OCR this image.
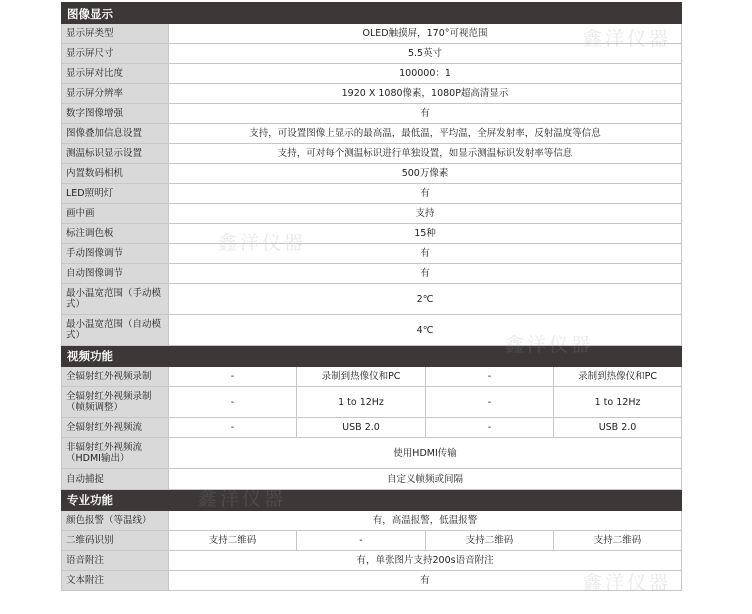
图像显示				
显示屏类型	OLED触摸屏，170°可视范围			
显示屏尺寸	5.5英寸			
显示屏对比度	100000：1			
显示屏分辨率	1920 X 1080像素，1080P超高清显示			
数字图像增强	有			
图像叠加信息设置	支持，可设置图像上显示的最高温，最低温，平均温，全屏发射率，反射温度等信息			
测温标识显示设置	支持，可对每个测温标识进行单独设置，如显示测温标识发射率等信息			
内置数码相机	500万像素			
LED照明灯	有			
画中画	支持			
标注调色板	15种			
手动图像调节	有			
自动图像调节	有			
最小温宽范围（手动模式）	2℃			
最小温宽范围（自动模式）	4℃			
视频功能				
全辐射红外视频录制	-	录制到热像仪和PC	-	录制到热像仪和PC
全辐射红外视频录制（帧频调整）	-	1 to 12Hz	-	1 to 12Hz
全辐射红外视频流	-	USB 2.0	-	USB 2.0
非辐射红外视频流（HDMI输出）	使用HDMI传输			
自动捕捉	自定义帧频或间隔			
专业功能				
颜色报警（等温线）	有，高温报警，低温报警			
二维码识别	支持二维码	-	支持二维码	支持二维码
语音附注	有，单张图片支持200s语音附注			
文本附注	有			
鑫洋仪器
鑫洋仪器
鑫洋仪器
鑫洋仪器
鑫洋仪器
